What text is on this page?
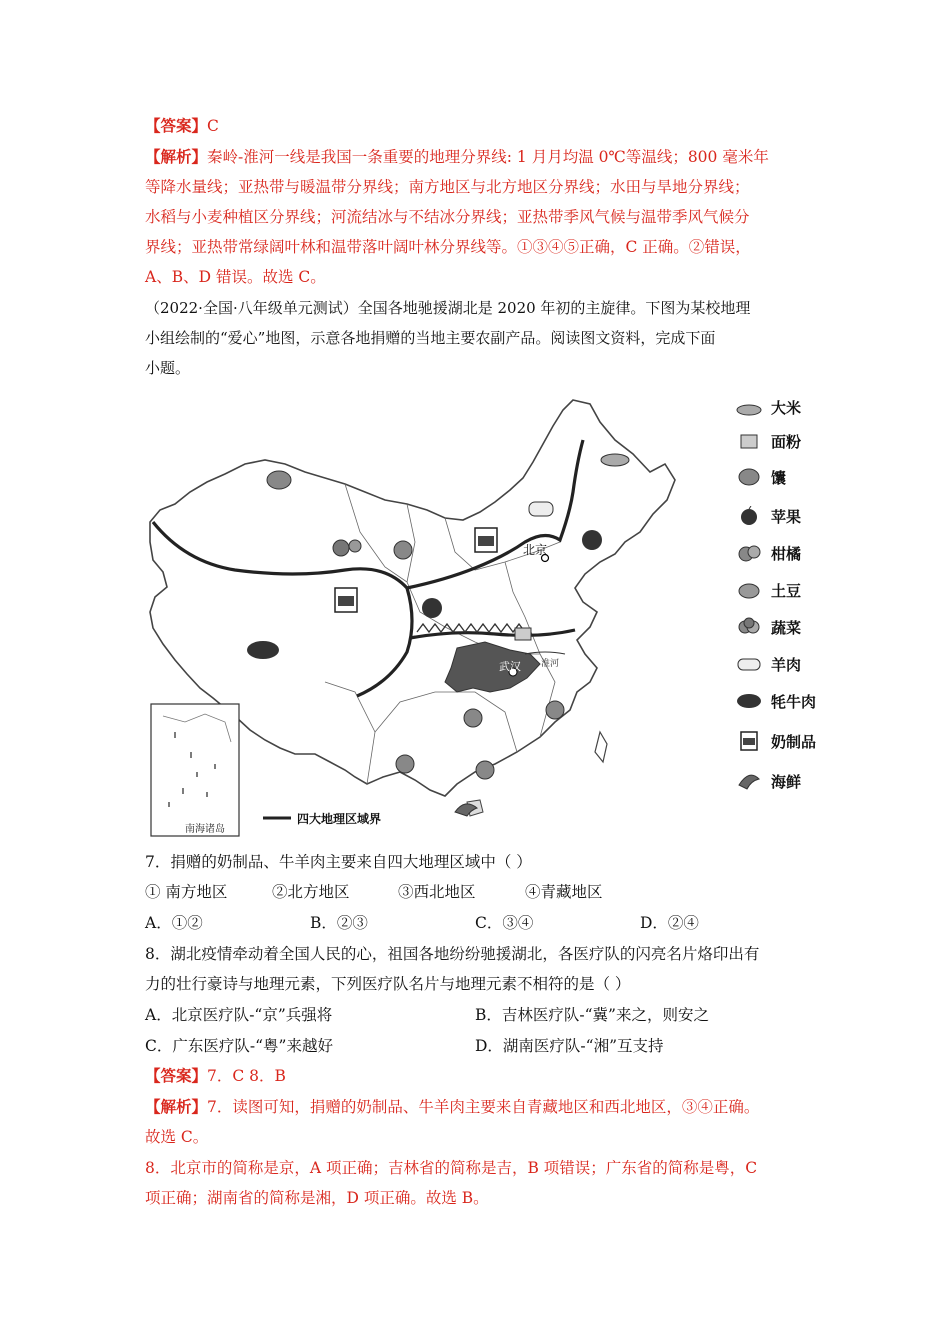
【答案】C
【解析】秦岭-淮河一线是我国一条重要的地理分界线: 1 月月均温 0℃等温线；800 毫米年
等降水量线；亚热带与暖温带分界线；南方地区与北方地区分界线；水田与旱地分界线；
水稻与小麦种植区分界线；河流结冰与不结冰分界线；亚热带季风气候与温带季风气候分
界线；亚热带常绿阔叶林和温带落叶阔叶林分界线等。①③④⑤正确，C 正确。②错误，
A、B、D 错误。故选 C。
（2022·全国·八年级单元测试）全国各地驰援湖北是 2020 年初的主旋律。下图为某校地理
小组绘制的“爱心”地图，示意各地捐赠的当地主要农副产品。阅读图文资料，完成下面
小题。
武汉 淮河
北京
南海诸岛
四大地理区域界
大米
面粉
馕
苹果
柑橘
土豆
蔬菜
羊肉
牦牛肉
奶制品
海鲜
7．捐赠的奶制品、牛羊肉主要来自四大地理区域中（ ）
① 南方地区	②北方地区	③西北地区	④青藏地区
A．①②	B．②③	C．③④	D．②④
8．湖北疫情牵动着全国人民的心，祖国各地纷纷驰援湖北，各医疗队的闪亮名片烙印出有
力的壮行豪诗与地理元素，下列医疗队名片与地理元素不相符的是（ ）
A．北京医疗队-“京”兵强将	B．吉林医疗队-“冀”来之，则安之
C．广东医疗队-“粤”来越好	D．湖南医疗队-“湘”互支持
【答案】7．C 8．B
【解析】7．读图可知，捐赠的奶制品、牛羊肉主要来自青藏地区和西北地区，③④正确。
故选 C。
8．北京市的简称是京，A 项正确；吉林省的简称是吉，B 项错误；广东省的简称是粤，C
项正确；湖南省的简称是湘，D 项正确。故选 B。
